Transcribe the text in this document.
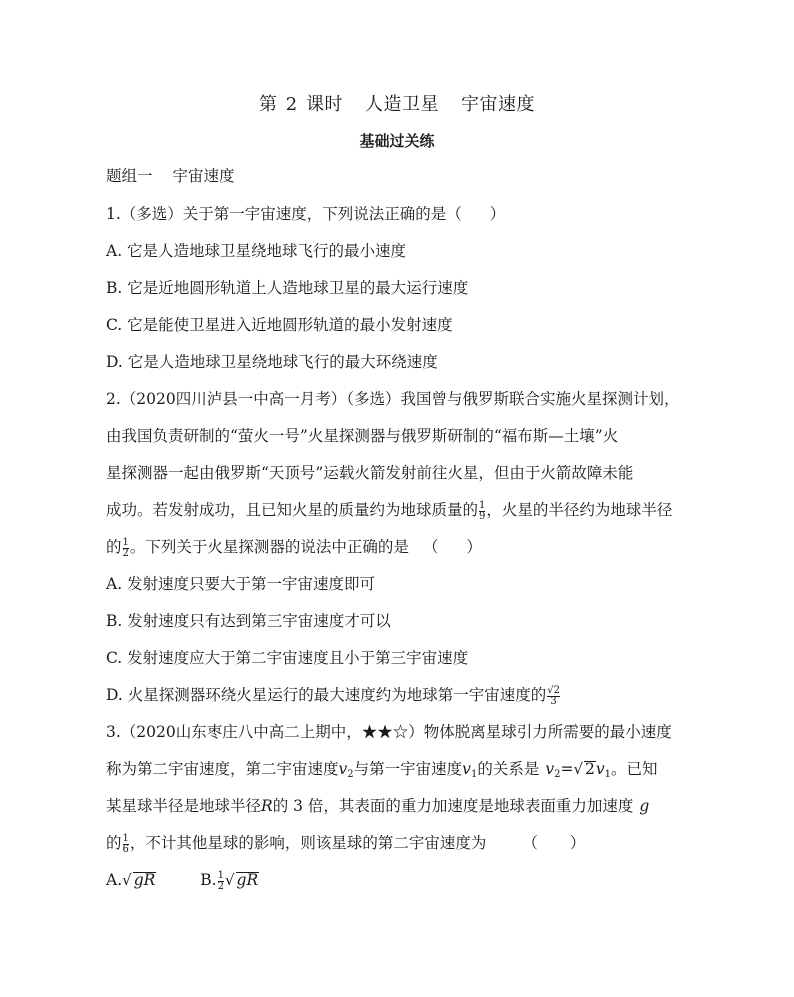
第 2 课时 人造卫星 宇宙速度
基础过关练
题组一 宇宙速度
1.（多选）关于第一宇宙速度，下列说法正确的是（ ）
A. 它是人造地球卫星绕地球飞行的最小速度
B. 它是近地圆形轨道上人造地球卫星的最大运行速度
C. 它是能使卫星进入近地圆形轨道的最小发射速度
D. 它是人造地球卫星绕地球飞行的最大环绕速度
2.（2020四川泸县一中高一月考）（多选）我国曾与俄罗斯联合实施火星探测计划，
由我国负责研制的“萤火一号”火星探测器与俄罗斯研制的“福布斯—土壤”火
星探测器一起由俄罗斯“天顶号”运载火箭发射前往火星，但由于火箭故障未能
成功。若发射成功，且已知火星的质量约为地球质量的 $\frac{1}{9}$ ，火星的半径约为地球半径
的 $\frac{1}{2}$ 。下列关于火星探测器的说法中正确的是 （ ）
A. 发射速度只要大于第一宇宙速度即可
B. 发射速度只有达到第三宇宙速度才可以
C. 发射速度应大于第二宇宙速度且小于第三宇宙速度
D. 火星探测器环绕火星运行的最大速度约为地球第一宇宙速度的 $\frac{√2}{3}$
3.（2020山东枣庄八中高二上期中，★★☆）物体脱离星球引力所需要的最小速度
称为第二宇宙速度，第二宇宙速度$v_2$与第一宇宙速度$v_1$的关系是 $v_2=√$ $2v_1$。已知
某星球半径是地球半径R的 3 倍，其表面的重力加速度是地球表面重力加速度 g
的 $\frac{1}{6}$ ，不计其他星球的影响，则该星球的第二宇宙速度为 （ ）
A.√ gR	B. $\frac{1}{2}$ √ gR
